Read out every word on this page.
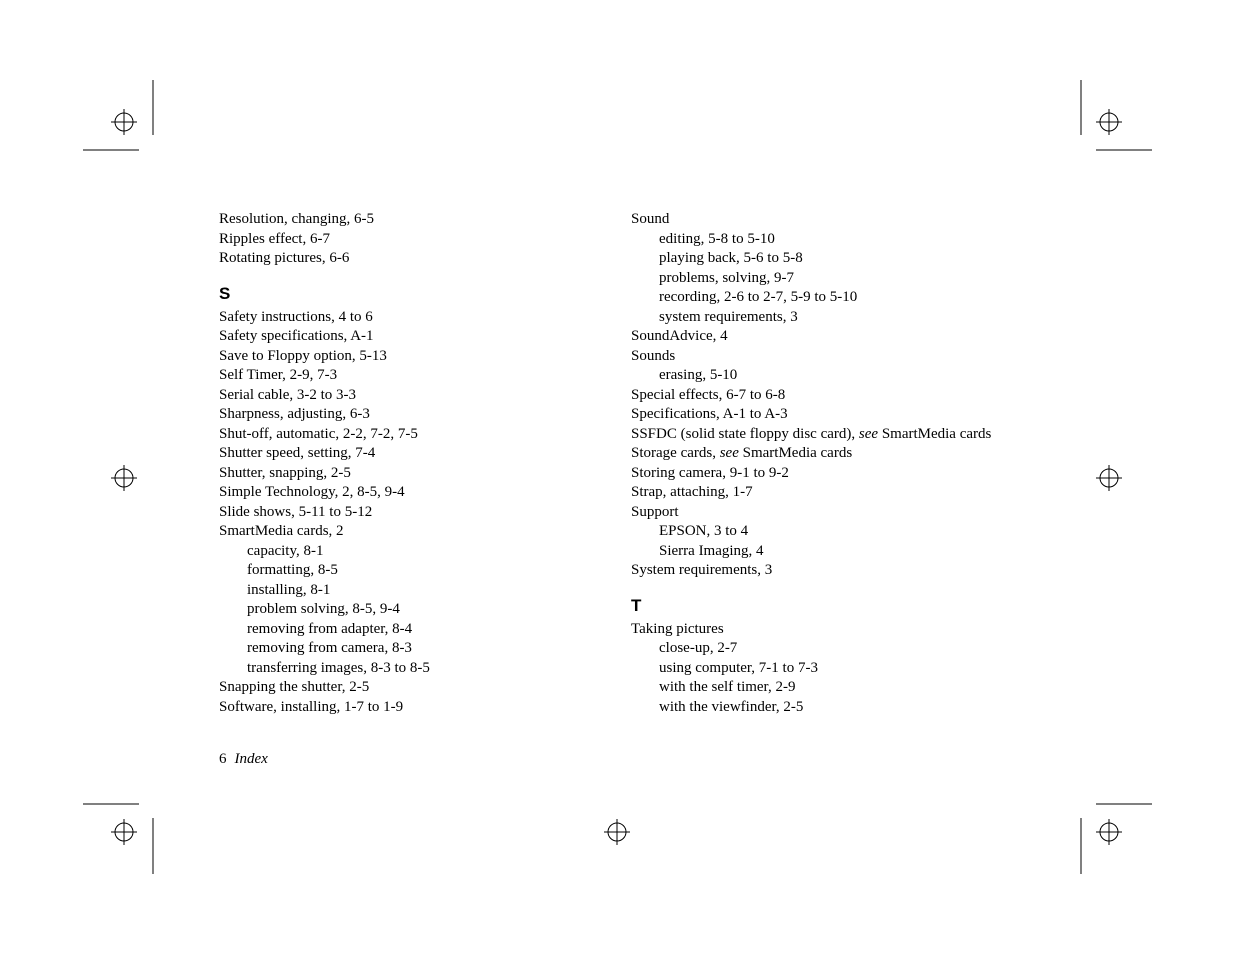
Resolution, changing, 6-5
Ripples effect, 6-7
Rotating pictures, 6-6
S
Safety instructions, 4 to 6
Safety specifications, A-1
Save to Floppy option, 5-13
Self Timer, 2-9, 7-3
Serial cable, 3-2 to 3-3
Sharpness, adjusting, 6-3
Shut-off, automatic, 2-2, 7-2, 7-5
Shutter speed, setting, 7-4
Shutter, snapping, 2-5
Simple Technology, 2, 8-5, 9-4
Slide shows, 5-11 to 5-12
SmartMedia cards, 2
capacity, 8-1
formatting, 8-5
installing, 8-1
problem solving, 8-5, 9-4
removing from adapter, 8-4
removing from camera, 8-3
transferring images, 8-3 to 8-5
Snapping the shutter, 2-5
Software, installing, 1-7 to 1-9
Sound
editing, 5-8 to 5-10
playing back, 5-6 to 5-8
problems, solving, 9-7
recording, 2-6 to 2-7, 5-9 to 5-10
system requirements, 3
SoundAdvice, 4
Sounds
erasing, 5-10
Special effects, 6-7 to 6-8
Specifications, A-1 to A-3
SSFDC (solid state floppy disc card), see SmartMedia cards
Storage cards, see SmartMedia cards
Storing camera, 9-1 to 9-2
Strap, attaching, 1-7
Support
EPSON, 3 to 4
Sierra Imaging, 4
System requirements, 3
T
Taking pictures
close-up, 2-7
using computer, 7-1 to 7-3
with the self timer, 2-9
with the viewfinder, 2-5
6 Index
